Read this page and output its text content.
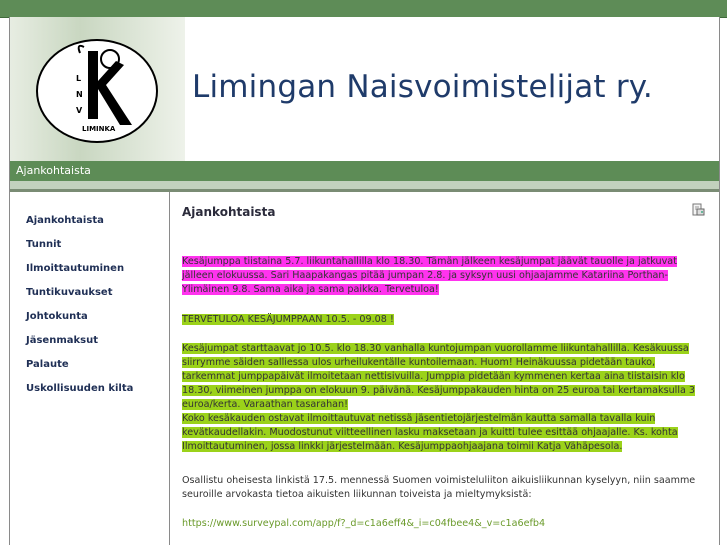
L
N
V
LIMINKA
Limingan Naisvoimistelijat ry.
Ajankohtaista
Ajankohtaista
Tunnit
Ilmoittautuminen
Tuntikuvaukset
Johtokunta
Jäsenmaksut
Palaute
Uskollisuuden kilta
Ajankohtaista
Kesäjumppa tiistaina 5.7. liikuntahallilla klo 18.30. Tämän jälkeen kesäjumpat jäävät tauolle ja jatkuvat jälleen elokuussa. Sari Haapakangas pitää jumpan 2.8. ja syksyn uusi ohjaajamme Katariina Porthan-Ylimäinen 9.8. Sama aika ja sama paikka. Tervetuloa!
TERVETULOA KESÄJUMPPAAN 10.5. - 09.08 !
Kesäjumpat starttaavat jo 10.5. klo 18.30 vanhalla kuntojumpan vuorollamme liikuntahallilla. Kesäkuussa siirrymme säiden salliessa ulos urheilukentälle kuntoilemaan. Huom! Heinäkuussa pidetään tauko, tarkemmat jumppapäivät ilmoitetaan nettisivuilla. Jumppia pidetään kymmenen kertaa aina tiistaisin klo 18.30, viimeinen jumppa on elokuun 9. päivänä. Kesäjumppakauden hinta on 25 euroa tai kertamaksulla 3 euroa/kerta. Varaathan tasarahan!
Koko kesäkauden ostavat ilmoittautuvat netissä jäsentietojärjestelmän kautta samalla tavalla kuin kevätkaudellakin. Muodostunut viitteellinen lasku maksetaan ja kuitti tulee esittää ohjaajalle. Ks. kohta Ilmoittautuminen, jossa linkki järjestelmään. Kesäjumppaohjaajana toimii Katja Vähäpesola.
Osallistu oheisesta linkistä 17.5. mennessä Suomen voimisteluliiton aikuisliikunnan kyselyyn, niin saamme seuroille arvokasta tietoa aikuisten liikunnan toiveista ja mieltymyksistä:
https://www.surveypal.com/app/f?_d=c1a6eff4&_i=c04fbee4&_v=c1a6efb4
